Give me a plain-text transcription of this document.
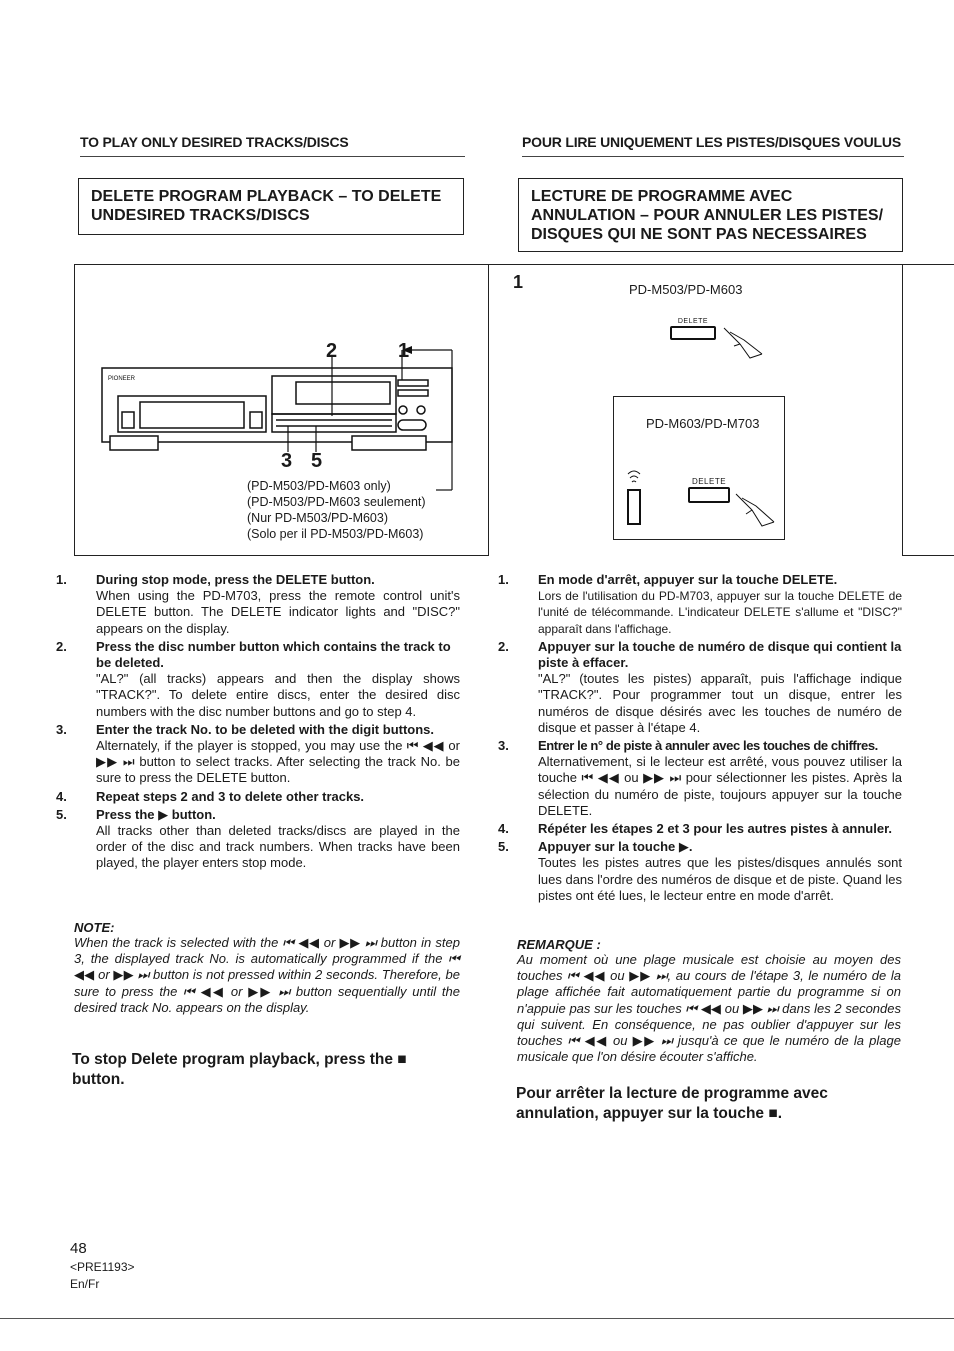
TO PLAY ONLY DESIRED TRACKS/DISCS	POUR LIRE UNIQUEMENT LES PISTES/DISQUES VOULUS
DELETE PROGRAM PLAYBACK – TO DELETE UNDESIRED TRACKS/DISCS
LECTURE DE PROGRAMME AVEC ANNULATION – POUR ANNULER LES PISTES/ DISQUES QUI NE SONT PAS NECESSAIRES
PIONEER
2	1
3 5
(PD-M503/PD-M603 only)
(PD-M503/PD-M603 seulement)
(Nur PD-M503/PD-M603)
(Solo per il PD-M503/PD-M603)
1	PD-M503/PD-M603
DELETE
PD-M603/PD-M703
DELETE
1. During stop mode, press the DELETE button.
When using the PD-M703, press the remote control unit's DELETE button. The DELETE indicator lights and "DISC?" appears on the display.
2. Press the disc number button which contains the track to be deleted.
"AL?" (all tracks) appears and then the display shows "TRACK?". To delete entire discs, enter the desired disc numbers with the disc number buttons and go to step 4.
3. Enter the track No. to be deleted with the digit buttons.
Alternately, if the player is stopped, you may use the ⏮ ◀◀ or ▶▶ ⏭ button to select tracks. After selecting the track No. be sure to press the DELETE button.
4. Repeat steps 2 and 3 to delete other tracks.
5. Press the ▶ button.
All tracks other than deleted tracks/discs are played in the order of the disc and track numbers. When tracks have been played, the player enters stop mode.
NOTE:
When the track is selected with the ⏮ ◀◀ or ▶▶ ⏭ button in step 3, the displayed track No. is automatically programmed if the ⏮ ◀◀ or ▶▶ ⏭ button is not pressed within 2 seconds. Therefore, be sure to press the ⏮ ◀◀ or ▶▶ ⏭ button sequentially until the desired track No. appears on the display.
To stop Delete program playback, press the ■ button.
1. En mode d'arrêt, appuyer sur la touche DELETE.
Lors de l'utilisation du PD-M703, appuyer sur la touche DELETE de l'unité de télécommande. L'indicateur DELETE s'allume et "DISC?" apparaît dans l'affichage.
2. Appuyer sur la touche de numéro de disque qui contient la piste à effacer.
"AL?" (toutes les pistes) apparaît, puis l'affichage indique "TRACK?". Pour programmer tout un disque, entrer les numéros de disque désirés avec les touches de numéro de disque et passer à l'étape 4.
3. Entrer le n° de piste à annuler avec les touches de chiffres.
Alternativement, si le lecteur est arrêté, vous pouvez utiliser la touche ⏮ ◀◀ ou ▶▶ ⏭ pour sélectionner les pistes. Après la sélection du numéro de piste, toujours appuyer sur la touche DELETE.
4. Répéter les étapes 2 et 3 pour les autres pistes à annuler.
5. Appuyer sur la touche ▶.
Toutes les pistes autres que les pistes/disques annulés sont lues dans l'ordre des numéros de disque et de piste. Quand les pistes ont été lues, le lecteur entre en mode d'arrêt.
REMARQUE :
Au moment où une plage musicale est choisie au moyen des touches ⏮ ◀◀ ou ▶▶ ⏭, au cours de l'étape 3, le numéro de la plage affichée fait automatiquement partie du programme si on n'appuie pas sur les touches ⏮ ◀◀ ou ▶▶ ⏭ dans les 2 secondes qui suivent. En conséquence, ne pas oublier d'appuyer sur les touches ⏮ ◀◀ ou ▶▶ ⏭ jusqu'à ce que le numéro de la plage musicale que l'on désire écouter s'affiche.
Pour arrêter la lecture de programme avec annulation, appuyer sur la touche ■.
48
<PRE1193>
En/Fr
